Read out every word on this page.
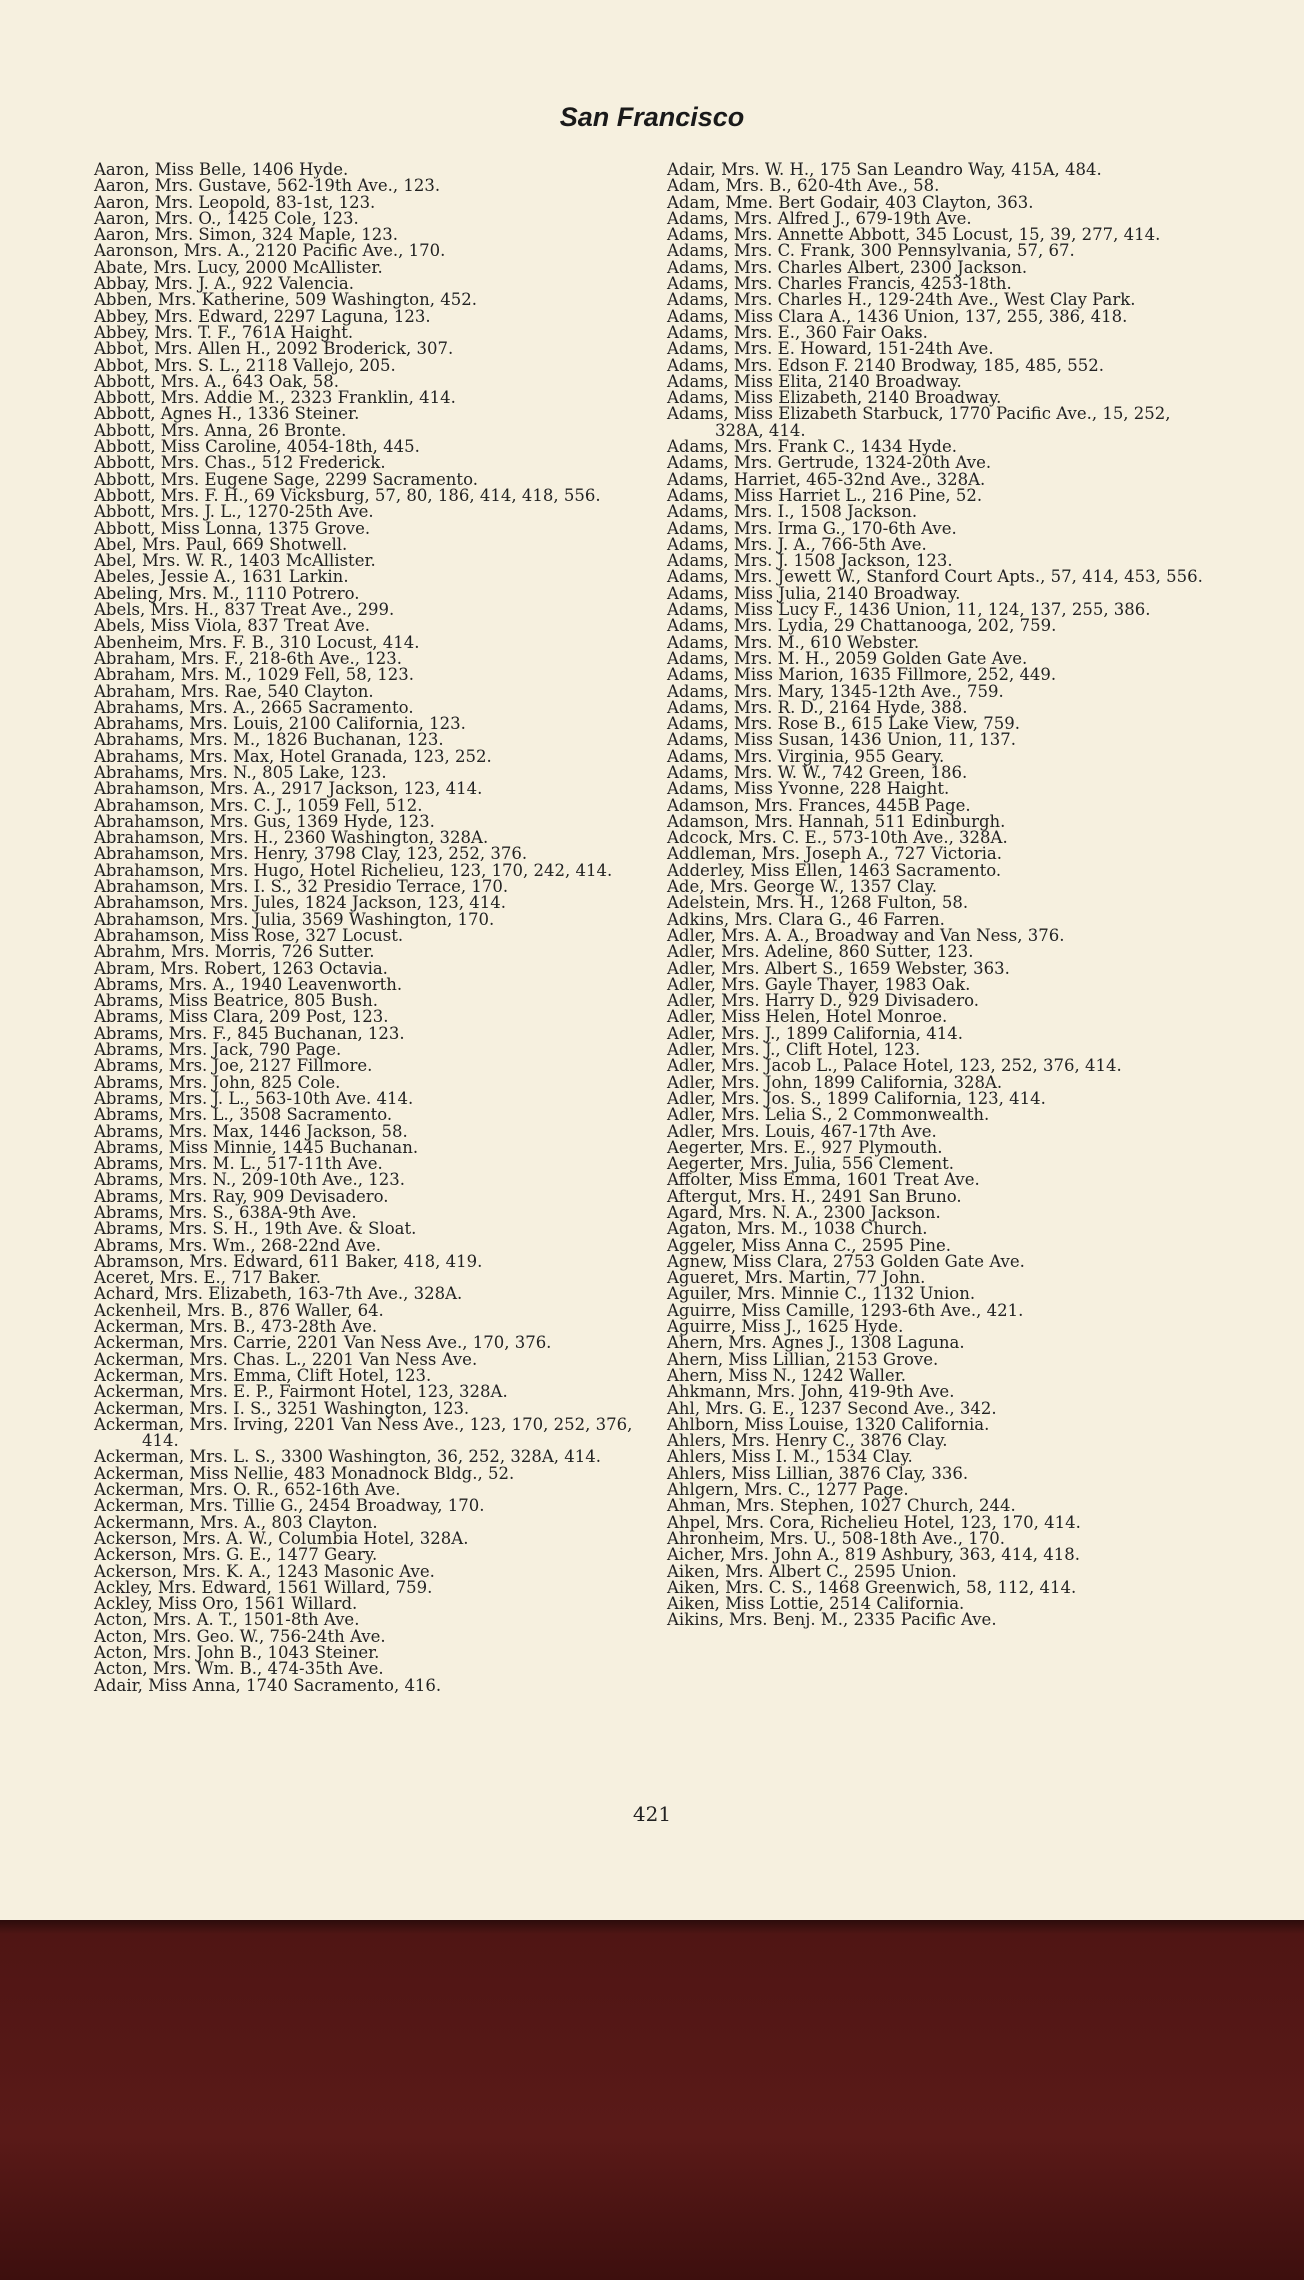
San Francisco
Aaron, Miss Belle, 1406 Hyde.
Aaron, Mrs. Gustave, 562-19th Ave., 123.
Aaron, Mrs. Leopold, 83-1st, 123.
Aaron, Mrs. O., 1425 Cole, 123.
Aaron, Mrs. Simon, 324 Maple, 123.
Aaronson, Mrs. A., 2120 Pacific Ave., 170.
Abate, Mrs. Lucy, 2000 McAllister.
Abbay, Mrs. J. A., 922 Valencia.
Abben, Mrs. Katherine, 509 Washington, 452.
Abbey, Mrs. Edward, 2297 Laguna, 123.
Abbey, Mrs. T. F., 761A Haight.
Abbot, Mrs. Allen H., 2092 Broderick, 307.
Abbot, Mrs. S. L., 2118 Vallejo, 205.
Abbott, Mrs. A., 643 Oak, 58.
Abbott, Mrs. Addie M., 2323 Franklin, 414.
Abbott, Agnes H., 1336 Steiner.
Abbott, Mrs. Anna, 26 Bronte.
Abbott, Miss Caroline, 4054-18th, 445.
Abbott, Mrs. Chas., 512 Frederick.
Abbott, Mrs. Eugene Sage, 2299 Sacramento.
Abbott, Mrs. F. H., 69 Vicksburg, 57, 80, 186, 414, 418, 556.
Abbott, Mrs. J. L., 1270-25th Ave.
Abbott, Miss Lonna, 1375 Grove.
Abel, Mrs. Paul, 669 Shotwell.
Abel, Mrs. W. R., 1403 McAllister.
Abeles, Jessie A., 1631 Larkin.
Abeling, Mrs. M., 1110 Potrero.
Abels, Mrs. H., 837 Treat Ave., 299.
Abels, Miss Viola, 837 Treat Ave.
Abenheim, Mrs. F. B., 310 Locust, 414.
Abraham, Mrs. F., 218-6th Ave., 123.
Abraham, Mrs. M., 1029 Fell, 58, 123.
Abraham, Mrs. Rae, 540 Clayton.
Abrahams, Mrs. A., 2665 Sacramento.
Abrahams, Mrs. Louis, 2100 California, 123.
Abrahams, Mrs. M., 1826 Buchanan, 123.
Abrahams, Mrs. Max, Hotel Granada, 123, 252.
Abrahams, Mrs. N., 805 Lake, 123.
Abrahamson, Mrs. A., 2917 Jackson, 123, 414.
Abrahamson, Mrs. C. J., 1059 Fell, 512.
Abrahamson, Mrs. Gus, 1369 Hyde, 123.
Abrahamson, Mrs. H., 2360 Washington, 328A.
Abrahamson, Mrs. Henry, 3798 Clay, 123, 252, 376.
Abrahamson, Mrs. Hugo, Hotel Richelieu, 123, 170, 242, 414.
Abrahamson, Mrs. I. S., 32 Presidio Terrace, 170.
Abrahamson, Mrs. Jules, 1824 Jackson, 123, 414.
Abrahamson, Mrs. Julia, 3569 Washington, 170.
Abrahamson, Miss Rose, 327 Locust.
Abrahm, Mrs. Morris, 726 Sutter.
Abram, Mrs. Robert, 1263 Octavia.
Abrams, Mrs. A., 1940 Leavenworth.
Abrams, Miss Beatrice, 805 Bush.
Abrams, Miss Clara, 209 Post, 123.
Abrams, Mrs. F., 845 Buchanan, 123.
Abrams, Mrs. Jack, 790 Page.
Abrams, Mrs. Joe, 2127 Fillmore.
Abrams, Mrs. John, 825 Cole.
Abrams, Mrs. J. L., 563-10th Ave. 414.
Abrams, Mrs. L., 3508 Sacramento.
Abrams, Mrs. Max, 1446 Jackson, 58.
Abrams, Miss Minnie, 1445 Buchanan.
Abrams, Mrs. M. L., 517-11th Ave.
Abrams, Mrs. N., 209-10th Ave., 123.
Abrams, Mrs. Ray, 909 Devisadero.
Abrams, Mrs. S., 638A-9th Ave.
Abrams, Mrs. S. H., 19th Ave. & Sloat.
Abrams, Mrs. Wm., 268-22nd Ave.
Abramson, Mrs. Edward, 611 Baker, 418, 419.
Aceret, Mrs. E., 717 Baker.
Achard, Mrs. Elizabeth, 163-7th Ave., 328A.
Ackenheil, Mrs. B., 876 Waller, 64.
Ackerman, Mrs. B., 473-28th Ave.
Ackerman, Mrs. Carrie, 2201 Van Ness Ave., 170, 376.
Ackerman, Mrs. Chas. L., 2201 Van Ness Ave.
Ackerman, Mrs. Emma, Clift Hotel, 123.
Ackerman, Mrs. E. P., Fairmont Hotel, 123, 328A.
Ackerman, Mrs. I. S., 3251 Washington, 123.
Ackerman, Mrs. Irving, 2201 Van Ness Ave., 123, 170, 252, 376, 414.
Ackerman, Mrs. L. S., 3300 Washington, 36, 252, 328A, 414.
Ackerman, Miss Nellie, 483 Monadnock Bldg., 52.
Ackerman, Mrs. O. R., 652-16th Ave.
Ackerman, Mrs. Tillie G., 2454 Broadway, 170.
Ackermann, Mrs. A., 803 Clayton.
Ackerson, Mrs. A. W., Columbia Hotel, 328A.
Ackerson, Mrs. G. E., 1477 Geary.
Ackerson, Mrs. K. A., 1243 Masonic Ave.
Ackley, Mrs. Edward, 1561 Willard, 759.
Ackley, Miss Oro, 1561 Willard.
Acton, Mrs. A. T., 1501-8th Ave.
Acton, Mrs. Geo. W., 756-24th Ave.
Acton, Mrs. John B., 1043 Steiner.
Acton, Mrs. Wm. B., 474-35th Ave.
Adair, Miss Anna, 1740 Sacramento, 416.
Adair, Mrs. W. H., 175 San Leandro Way, 415A, 484.
Adam, Mrs. B., 620-4th Ave., 58.
Adam, Mme. Bert Godair, 403 Clayton, 363.
Adams, Mrs. Alfred J., 679-19th Ave.
Adams, Mrs. Annette Abbott, 345 Locust, 15, 39, 277, 414.
Adams, Mrs. C. Frank, 300 Pennsylvania, 57, 67.
Adams, Mrs. Charles Albert, 2300 Jackson.
Adams, Mrs. Charles Francis, 4253-18th.
Adams, Mrs. Charles H., 129-24th Ave., West Clay Park.
Adams, Miss Clara A., 1436 Union, 137, 255, 386, 418.
Adams, Mrs. E., 360 Fair Oaks.
Adams, Mrs. E. Howard, 151-24th Ave.
Adams, Mrs. Edson F. 2140 Brodway, 185, 485, 552.
Adams, Miss Elita, 2140 Broadway.
Adams, Miss Elizabeth, 2140 Broadway.
Adams, Miss Elizabeth Starbuck, 1770 Pacific Ave., 15, 252, 328A, 414.
Adams, Mrs. Frank C., 1434 Hyde.
Adams, Mrs. Gertrude, 1324-20th Ave.
Adams, Harriet, 465-32nd Ave., 328A.
Adams, Miss Harriet L., 216 Pine, 52.
Adams, Mrs. I., 1508 Jackson.
Adams, Mrs. Irma G., 170-6th Ave.
Adams, Mrs. J. A., 766-5th Ave.
Adams, Mrs. J. 1508 Jackson, 123.
Adams, Mrs. Jewett W., Stanford Court Apts., 57, 414, 453, 556.
Adams, Miss Julia, 2140 Broadway.
Adams, Miss Lucy F., 1436 Union, 11, 124, 137, 255, 386.
Adams, Mrs. Lydia, 29 Chattanooga, 202, 759.
Adams, Mrs. M., 610 Webster.
Adams, Mrs. M. H., 2059 Golden Gate Ave.
Adams, Miss Marion, 1635 Fillmore, 252, 449.
Adams, Mrs. Mary, 1345-12th Ave., 759.
Adams, Mrs. R. D., 2164 Hyde, 388.
Adams, Mrs. Rose B., 615 Lake View, 759.
Adams, Miss Susan, 1436 Union, 11, 137.
Adams, Mrs. Virginia, 955 Geary.
Adams, Mrs. W. W., 742 Green, 186.
Adams, Miss Yvonne, 228 Haight.
Adamson, Mrs. Frances, 445B Page.
Adamson, Mrs. Hannah, 511 Edinburgh.
Adcock, Mrs. C. E., 573-10th Ave., 328A.
Addleman, Mrs. Joseph A., 727 Victoria.
Adderley, Miss Ellen, 1463 Sacramento.
Ade, Mrs. George W., 1357 Clay.
Adelstein, Mrs. H., 1268 Fulton, 58.
Adkins, Mrs. Clara G., 46 Farren.
Adler, Mrs. A. A., Broadway and Van Ness, 376.
Adler, Mrs. Adeline, 860 Sutter, 123.
Adler, Mrs. Albert S., 1659 Webster, 363.
Adler, Mrs. Gayle Thayer, 1983 Oak.
Adler, Mrs. Harry D., 929 Divisadero.
Adler, Miss Helen, Hotel Monroe.
Adler, Mrs. J., 1899 California, 414.
Adler, Mrs. J., Clift Hotel, 123.
Adler, Mrs. Jacob L., Palace Hotel, 123, 252, 376, 414.
Adler, Mrs. John, 1899 California, 328A.
Adler, Mrs. Jos. S., 1899 California, 123, 414.
Adler, Mrs. Lelia S., 2 Commonwealth.
Adler, Mrs. Louis, 467-17th Ave.
Aegerter, Mrs. E., 927 Plymouth.
Aegerter, Mrs. Julia, 556 Clement.
Affolter, Miss Emma, 1601 Treat Ave.
Aftergut, Mrs. H., 2491 San Bruno.
Agard, Mrs. N. A., 2300 Jackson.
Agaton, Mrs. M., 1038 Church.
Aggeler, Miss Anna C., 2595 Pine.
Agnew, Miss Clara, 2753 Golden Gate Ave.
Agueret, Mrs. Martin, 77 John.
Aguiler, Mrs. Minnie C., 1132 Union.
Aguirre, Miss Camille, 1293-6th Ave., 421.
Aguirre, Miss J., 1625 Hyde.
Ahern, Mrs. Agnes J., 1308 Laguna.
Ahern, Miss Lillian, 2153 Grove.
Ahern, Miss N., 1242 Waller.
Ahkmann, Mrs. John, 419-9th Ave.
Ahl, Mrs. G. E., 1237 Second Ave., 342.
Ahlborn, Miss Louise, 1320 California.
Ahlers, Mrs. Henry C., 3876 Clay.
Ahlers, Miss I. M., 1534 Clay.
Ahlers, Miss Lillian, 3876 Clay, 336.
Ahlgern, Mrs. C., 1277 Page.
Ahman, Mrs. Stephen, 1027 Church, 244.
Ahpel, Mrs. Cora, Richelieu Hotel, 123, 170, 414.
Ahronheim, Mrs. U., 508-18th Ave., 170.
Aicher, Mrs. John A., 819 Ashbury, 363, 414, 418.
Aiken, Mrs. Albert C., 2595 Union.
Aiken, Mrs. C. S., 1468 Greenwich, 58, 112, 414.
Aiken, Miss Lottie, 2514 California.
Aikins, Mrs. Benj. M., 2335 Pacific Ave.
421
